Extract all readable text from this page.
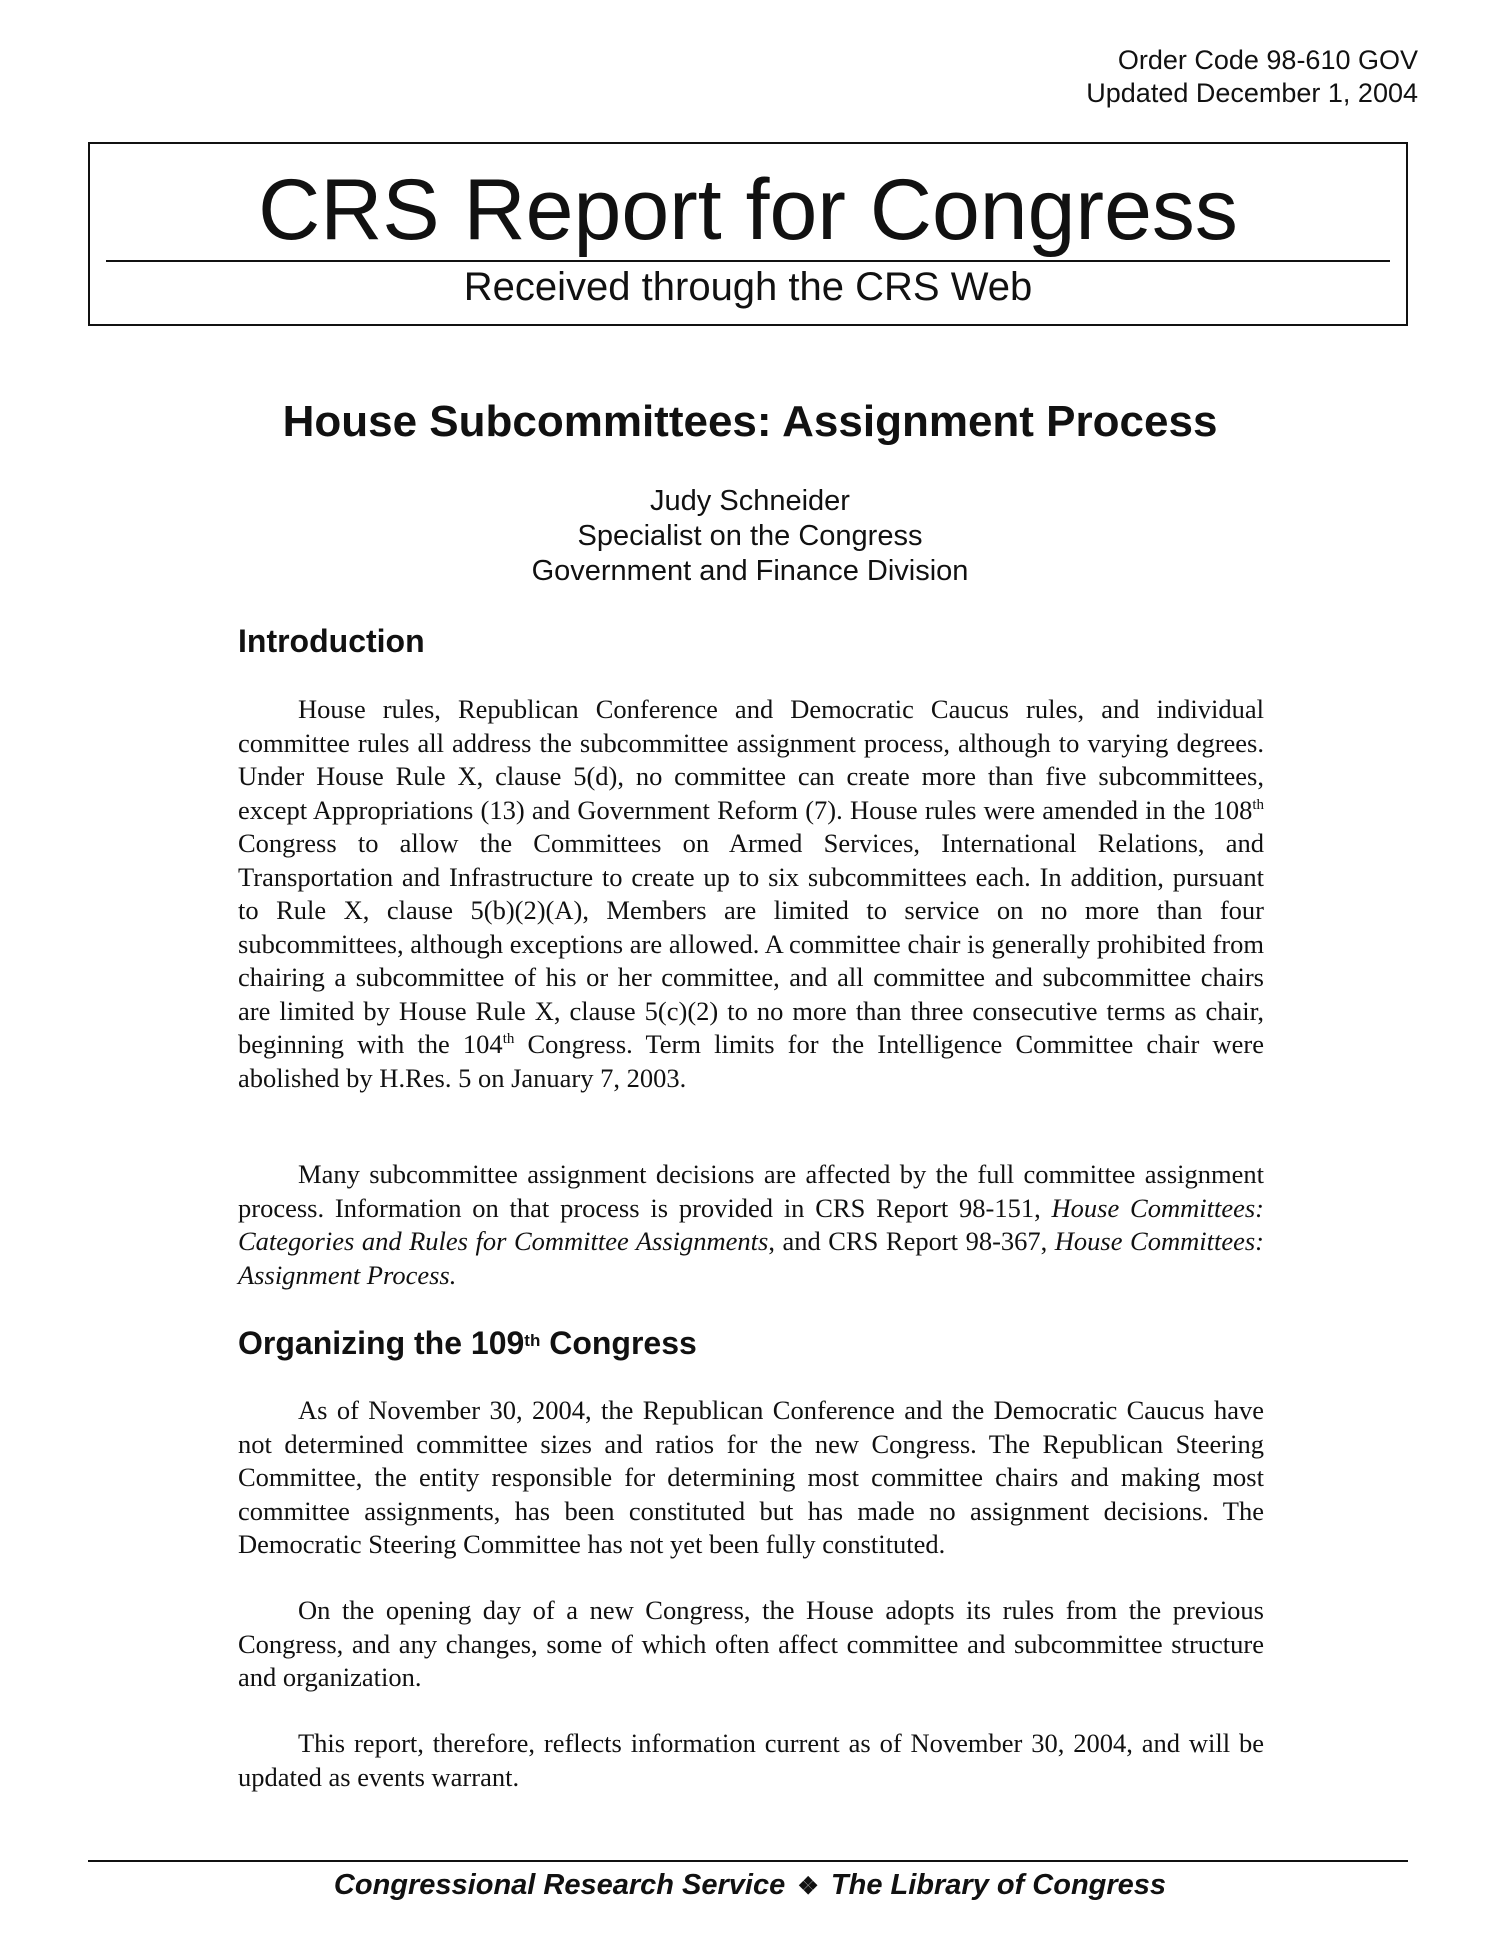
Order Code 98-610 GOV
Updated December 1, 2004
CRS Report for Congress
Received through the CRS Web
House Subcommittees: Assignment Process
Judy Schneider
Specialist on the Congress
Government and Finance Division
Introduction
House rules, Republican Conference and Democratic Caucus rules, and individual committee rules all address the subcommittee assignment process, although to varying degrees. Under House Rule X, clause 5(d), no committee can create more than five subcommittees, except Appropriations (13) and Government Reform (7). House rules were amended in the 108th Congress to allow the Committees on Armed Services, International Relations, and Transportation and Infrastructure to create up to six subcommittees each. In addition, pursuant to Rule X, clause 5(b)(2)(A), Members are limited to service on no more than four subcommittees, although exceptions are allowed. A committee chair is generally prohibited from chairing a subcommittee of his or her committee, and all committee and subcommittee chairs are limited by House Rule X, clause 5(c)(2) to no more than three consecutive terms as chair, beginning with the 104th Congress. Term limits for the Intelligence Committee chair were abolished by H.Res. 5 on January 7, 2003.
Many subcommittee assignment decisions are affected by the full committee assignment process. Information on that process is provided in CRS Report 98-151, House Committees: Categories and Rules for Committee Assignments, and CRS Report 98-367, House Committees: Assignment Process.
Organizing the 109th Congress
As of November 30, 2004, the Republican Conference and the Democratic Caucus have not determined committee sizes and ratios for the new Congress. The Republican Steering Committee, the entity responsible for determining most committee chairs and making most committee assignments, has been constituted but has made no assignment decisions. The Democratic Steering Committee has not yet been fully constituted.
On the opening day of a new Congress, the House adopts its rules from the previous Congress, and any changes, some of which often affect committee and subcommittee structure and organization.
This report, therefore, reflects information current as of November 30, 2004, and will be updated as events warrant.
Congressional Research Service ❖ The Library of Congress
